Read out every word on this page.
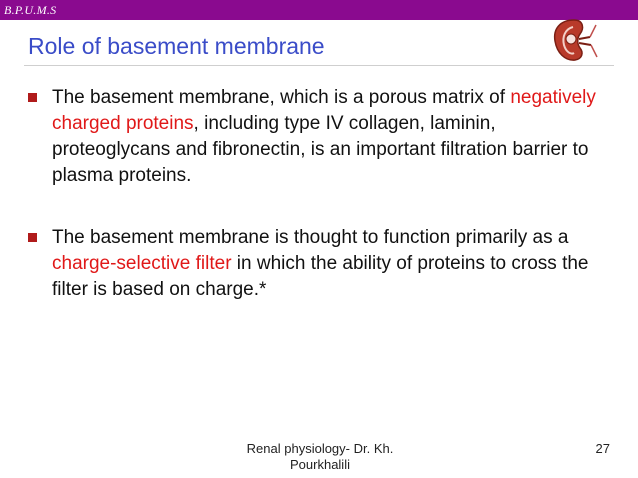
B.P.U.M.S
Role of basement membrane
The basement membrane, which is a porous matrix of negatively charged proteins, including type IV collagen, laminin, proteoglycans and fibronectin, is an important filtration barrier to plasma proteins.
The basement membrane is thought to function primarily as a charge-selective filter in which the ability of proteins to cross the filter is based on charge.*
Renal physiology- Dr. Kh. Pourkhalili
27
